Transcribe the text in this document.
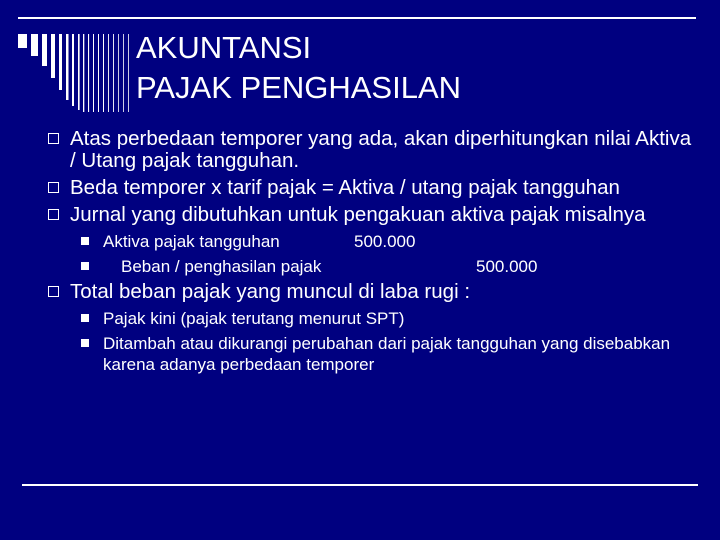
AKUNTANSI
PAJAK PENGHASILAN
Atas perbedaan temporer yang ada, akan diperhitungkan nilai Aktiva / Utang pajak tangguhan.
Beda temporer x tarif pajak = Aktiva / utang pajak tangguhan
Jurnal yang dibutuhkan untuk pengakuan aktiva pajak misalnya
Aktiva pajak tangguhan	500.000
Beban / penghasilan pajak	500.000
Total beban pajak yang muncul di laba rugi :
Pajak kini (pajak terutang menurut SPT)
Ditambah atau dikurangi perubahan dari pajak tangguhan yang disebabkan karena adanya perbedaan temporer
